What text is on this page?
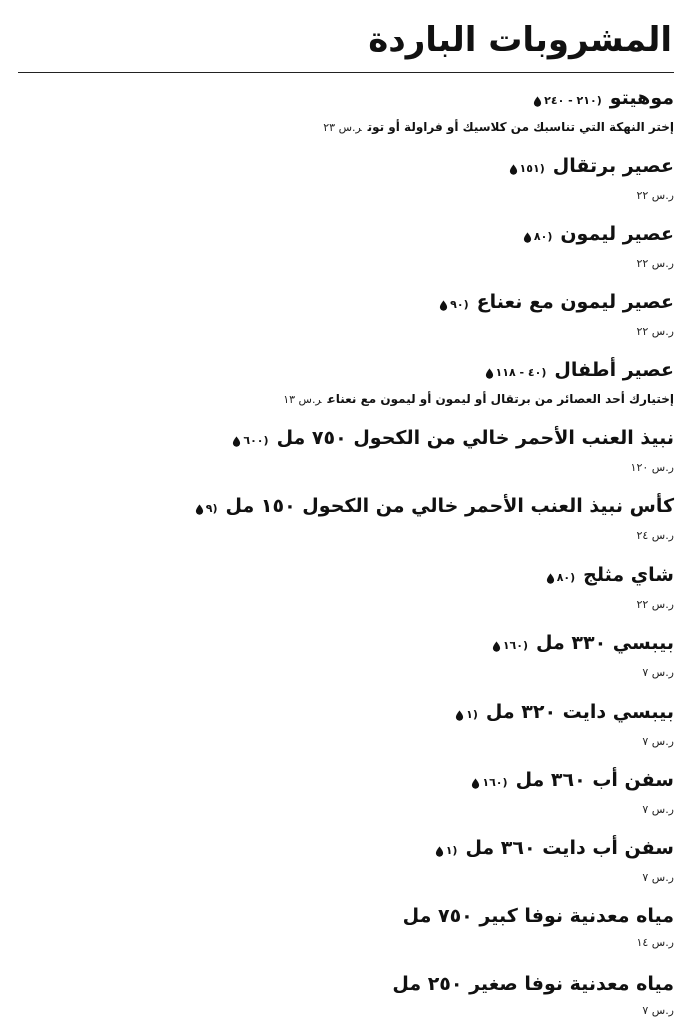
المشروبات الباردة
موهيتو
(٢١٠ - ٢٤٠
إختر النهكة التي تناسبك من كلاسيك أو فراولة أو توتر.س ٢٣
عصير برتقال
(١٥١
ر.س ٢٢
عصير ليمون
(٨٠
ر.س ٢٢
عصير ليمون مع نعناع
(٩٠
ر.س ٢٢
عصير أطفال
(٤٠ - ١١٨
إختيارك أحد العصائر من برتقال أو ليمون أو ليمون مع نعناعر.س ١٣
نبيذ العنب الأحمر خالي من الكحول ٧٥٠ مل
(٦٠٠
ر.س ١٢٠
كأس نبيذ العنب الأحمر خالي من الكحول ١٥٠ مل
(٩
ر.س ٢٤
شاي مثلج
(٨٠
ر.س ٢٢
بيبسي ٣٣٠ مل
(١٦٠
ر.س ٧
بيبسي دايت ٣٢٠ مل
(١
ر.س ٧
سفن أب ٣٦٠ مل
(١٦٠
ر.س ٧
سفن أب دايت ٣٦٠ مل
(١
ر.س ٧
مياه معدنية نوفا كبير ٧٥٠ مل
ر.س ١٤
مياه معدنية نوفا صغير ٢٥٠ مل
ر.س ٧
